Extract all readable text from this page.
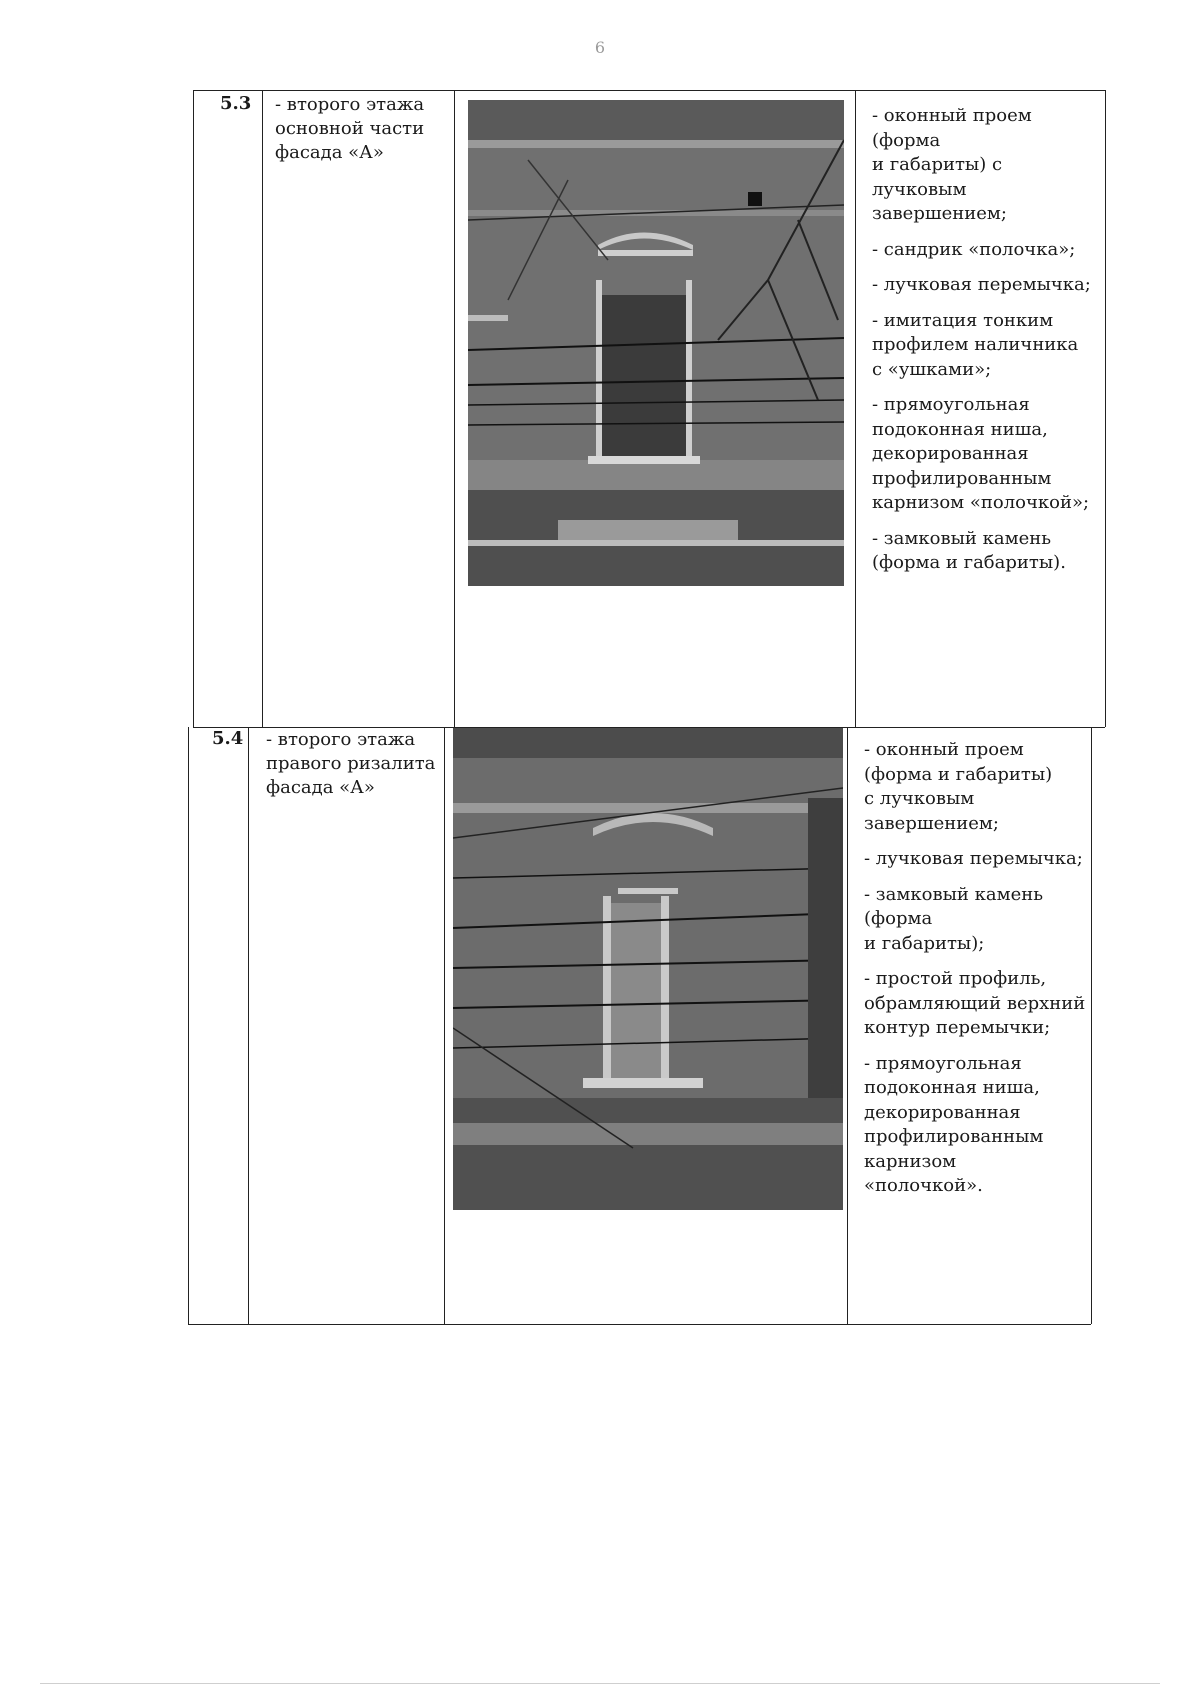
6
5.3 - второго этажа
основной части
фасада «А»

- оконный проем (форма
и габариты) с лучковым
завершением;

- сандрик «полочка»;

- лучковая перемычка;

- имитация тонким
профилем наличника
с «ушками»;

- прямоугольная
подоконная ниша,
декорированная
профилированным
карнизом «полочкой»;

- замковый камень
(форма и габариты).

5.4 - второго этажа
правого ризалита
фасада «А»

- оконный проем
(форма и габариты)
с лучковым
завершением;

- лучковая перемычка;

- замковый камень
(форма
и габариты);

- простой профиль,
обрамляющий верхний
контур перемычки;

- прямоугольная
подоконная ниша,
декорированная
профилированным
карнизом
«полочкой».
